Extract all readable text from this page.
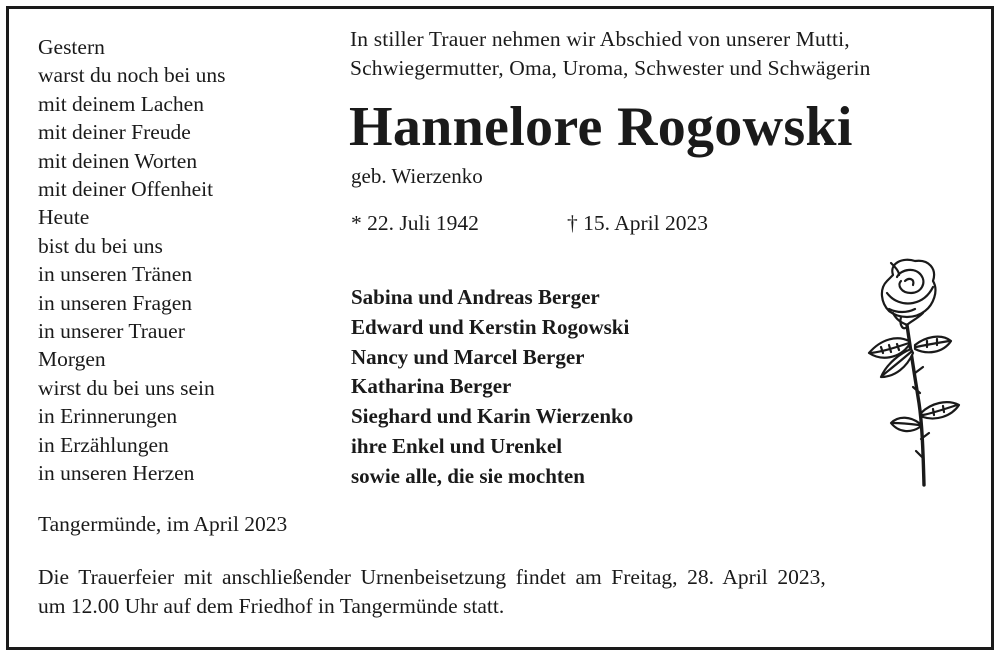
Gestern
warst du noch bei uns
mit deinem Lachen
mit deiner Freude
mit deinen Worten
mit deiner Offenheit
Heute
bist du bei uns
in unseren Tränen
in unseren Fragen
in unserer Trauer
Morgen
wirst du bei uns sein
in Erinnerungen
in Erzählungen
in unseren Herzen
In stiller Trauer nehmen wir Abschied von unserer Mutti,
Schwiegermutter, Oma, Uroma, Schwester und Schwägerin
Hannelore Rogowski
geb. Wierzenko
* 22. Juli 1942	† 15. April 2023
Sabina und Andreas Berger
Edward und Kerstin Rogowski
Nancy und Marcel Berger
Katharina Berger
Sieghard und Karin Wierzenko
ihre Enkel und Urenkel
sowie alle, die sie mochten
Tangermünde, im April 2023
Die Trauerfeier mit anschließender Urnenbeisetzung findet am Freitag, 28. April 2023,
um 12.00 Uhr auf dem Friedhof in Tangermünde statt.
